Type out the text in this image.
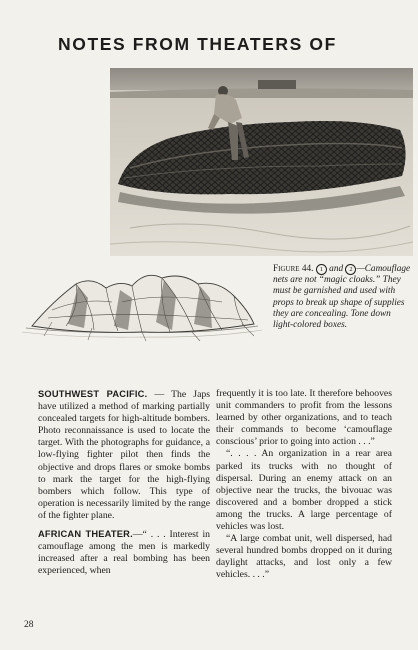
NOTES FROM THEATERS OF

Figure 44. 1 and 2 —Camouflage nets are not “magic cloaks.” They must be garnished and used with props to break up shape of supplies they are concealing. Tone down light-colored boxes.

SOUTHWEST PACIFIC. — The Japs have utilized a method of marking partially concealed targets for high-altitude bombers. Photo reconnaissance is used to locate the target. With the photographs for guidance, a low-flying fighter pilot then finds the objective and drops flares or smoke bombs to mark the target for the high-flying bombers which follow. This type of operation is necessarily limited by the range of the fighter plane.

AFRICAN THEATER.—“ . . . Interest in camouflage among the men is markedly increased after a real bombing has been experienced, when

frequently it is too late. It therefore behooves unit commanders to profit from the lessons learned by other organizations, and to teach their commands to become ‘camouflage conscious’ prior to going into action . . .”

“. . . . An organization in a rear area parked its trucks with no thought of dispersal. During an enemy attack on an objective near the trucks, the bivouac was discovered and a bomber dropped a stick among the trucks. A large percentage of vehicles was lost.

“A large combat unit, well dispersed, had several hundred bombs dropped on it during daylight attacks, and lost only a few vehicles. . . .”

28
